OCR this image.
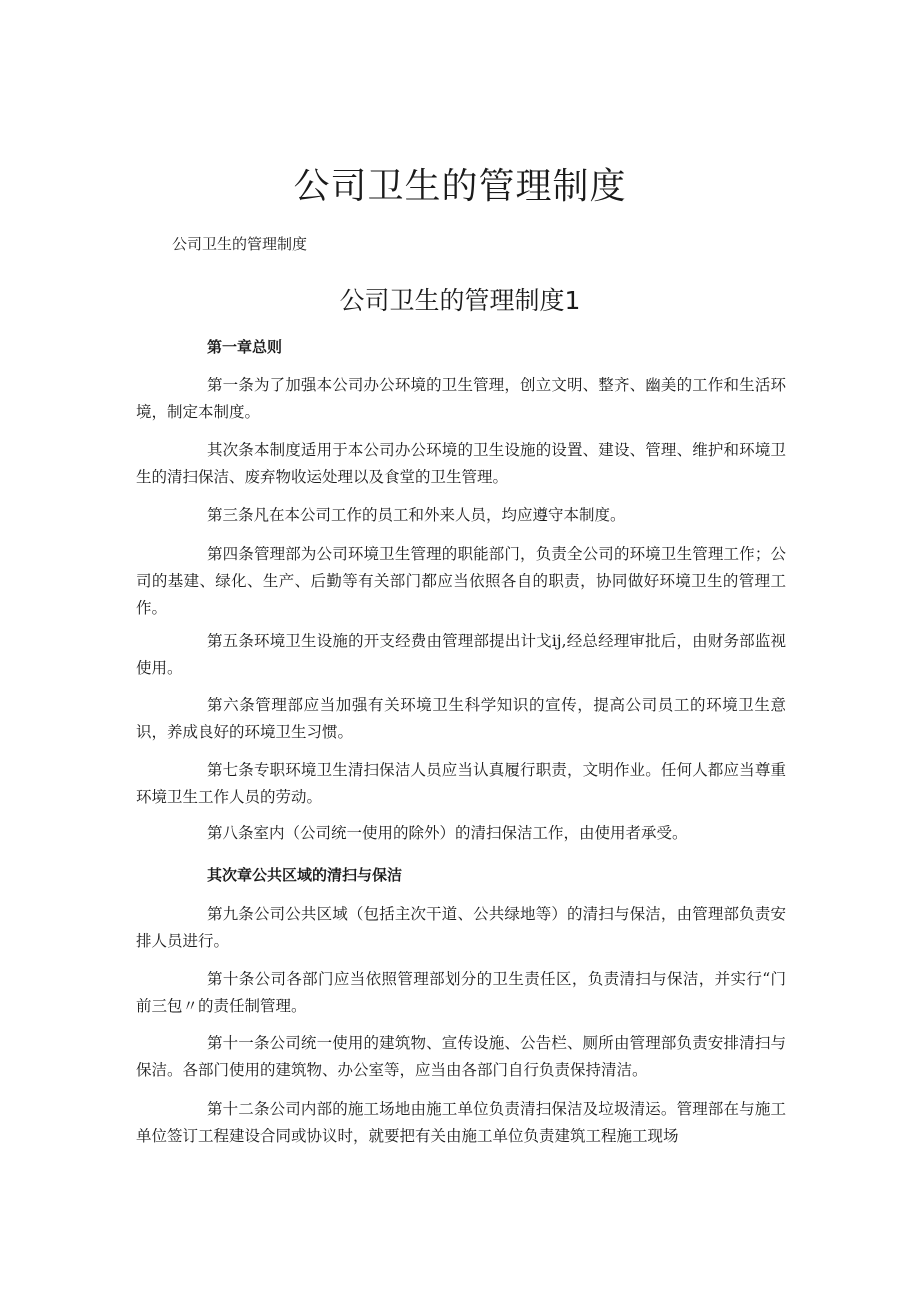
公司卫生的管理制度

公司卫生的管理制度

公司卫生的管理制度1

第一章总则

第一条为了加强本公司办公环境的卫生管理，创立文明、整齐、幽美的工作和生活环境，制定本制度。

其次条本制度适用于本公司办公环境的卫生设施的设置、建设、管理、维护和环境卫生的清扫保洁、废弃物收运处理以及食堂的卫生管理。

第三条凡在本公司工作的员工和外来人员，均应遵守本制度。

第四条管理部为公司环境卫生管理的职能部门，负责全公司的环境卫生管理工作；公司的基建、绿化、生产、后勤等有关部门都应当依照各自的职责，协同做好环境卫生的管理工作。

第五条环境卫生设施的开支经费由管理部提出计戈ij,经总经理审批后，由财务部监视使用。

第六条管理部应当加强有关环境卫生科学知识的宣传，提高公司员工的环境卫生意识，养成良好的环境卫生习惯。

第七条专职环境卫生清扫保洁人员应当认真履行职责，文明作业。任何人都应当尊重环境卫生工作人员的劳动。

第八条室内（公司统一使用的除外）的清扫保洁工作，由使用者承受。

其次章公共区域的清扫与保洁

第九条公司公共区域（包括主次干道、公共绿地等）的清扫与保洁，由管理部负责安排人员进行。

第十条公司各部门应当依照管理部划分的卫生责任区，负责清扫与保洁，并实行“门前三包〃的责任制管理。

第十一条公司统一使用的建筑物、宣传设施、公告栏、厕所由管理部负责安排清扫与保洁。各部门使用的建筑物、办公室等，应当由各部门自行负责保持清洁。

第十二条公司内部的施工场地由施工单位负责清扫保洁及垃圾清运。管理部在与施工单位签订工程建设合同或协议时，就要把有关由施工单位负责建筑工程施工现场
